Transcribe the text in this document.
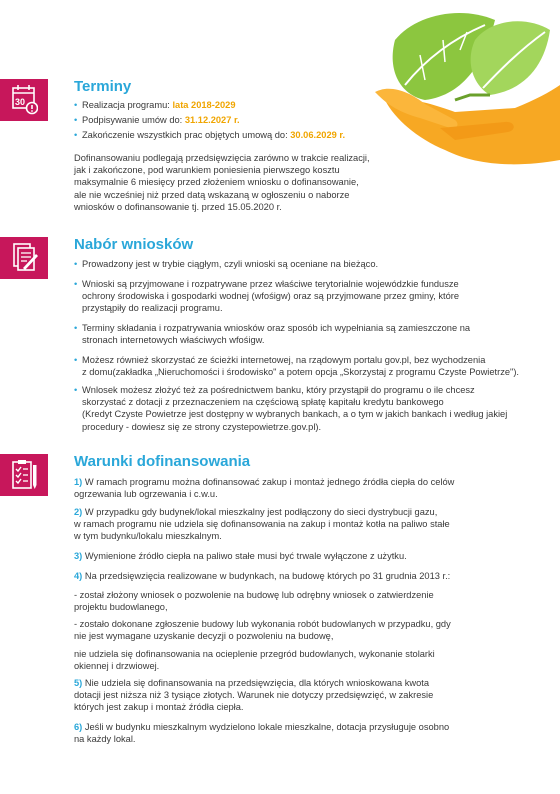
30
Terminy

• Realizacja programu: lata 2018-2029

• Podpisywanie umów do: 31.12.2027 r.

• Zakończenie wszystkich prac objętych umową do: 30.06.2029 r.

Dofinansowaniu podlegają przedsięwzięcia zarówno w trakcie realizacji,
jak i zakończone, pod warunkiem poniesienia pierwszego kosztu
maksymalnie 6 miesięcy przed złożeniem wniosku o dofinansowanie,
ale nie wcześniej niż przed datą wskazaną w ogłoszeniu o naborze
wniosków o dofinansowanie tj. przed 15.05.2020 r.

Nabór wniosków

• Prowadzony jest w trybie ciągłym, czyli wnioski są oceniane na bieżąco.

• Wnioski są przyjmowane i rozpatrywane przez właściwe terytorialnie wojewódzkie fundusze
ochrony środowiska i gospodarki wodnej (wfośigw) oraz są przyjmowane przez gminy, które
przystąpiły do realizacji programu.

• Terminy składania i rozpatrywania wniosków oraz sposób ich wypełniania są zamieszczone na
stronach internetowych właściwych wfośigw.

• Możesz również skorzystać ze ścieżki internetowej, na rządowym portalu gov.pl, bez wychodzenia
z domu(zakładka „Nieruchomości i środowisko" a potem opcja „Skorzystaj z programu Czyste Powietrze").

• Wnlosek możesz złożyć też za pośrednictwem banku, który przystąpił do programu o ile chcesz
skorzystać z dotacji z przeznaczeniem na częściową spłatę kapitału kredytu bankowego
(Kredyt Czyste Powietrze jest dostępny w wybranych bankach, a o tym w jakich bankach i według jakiej
procedury - dowiesz się ze strony czystepowietrze.gov.pl).

Warunki dofinansowania

1) W ramach programu można dofinansować zakup i montaż jednego źródła ciepła do celów
ogrzewania lub ogrzewania i c.w.u.

2) W przypadku gdy budynek/lokal mieszkalny jest podłączony do sieci dystrybucji gazu,
w ramach programu nie udziela się dofinansowania na zakup i montaż kotła na paliwo stałe
w tym budynku/lokalu mieszkalnym.

3) Wymienione źródło ciepła na paliwo stałe musi być trwale wyłączone z użytku.

4) Na przedsięwzięcia realizowane w budynkach, na budowę których po 31 grudnia 2013 r.:

- został złożony wniosek o pozwolenie na budowę lub odrębny wniosek o zatwierdzenie
projektu budowlanego,

- zostało dokonane zgłoszenie budowy lub wykonania robót budowlanych w przypadku, gdy
nie jest wymagane uzyskanie decyzji o pozwoleniu na budowę,

nie udziela się dofinansowania na ocieplenie przegród budowlanych, wykonanie stolarki
okiennej i drzwiowej.

5) Nie udziela się dofinansowania na przedsięwzięcia, dla których wnioskowana kwota
dotacji jest niższa niż 3 tysiące złotych. Warunek nie dotyczy przedsięwzięć, w zakresie
których jest zakup i montaż źródła ciepła.

6) Jeśli w budynku mieszkalnym wydzielono lokale mieszkalne, dotacja przysługuje osobno
na każdy lokal.
